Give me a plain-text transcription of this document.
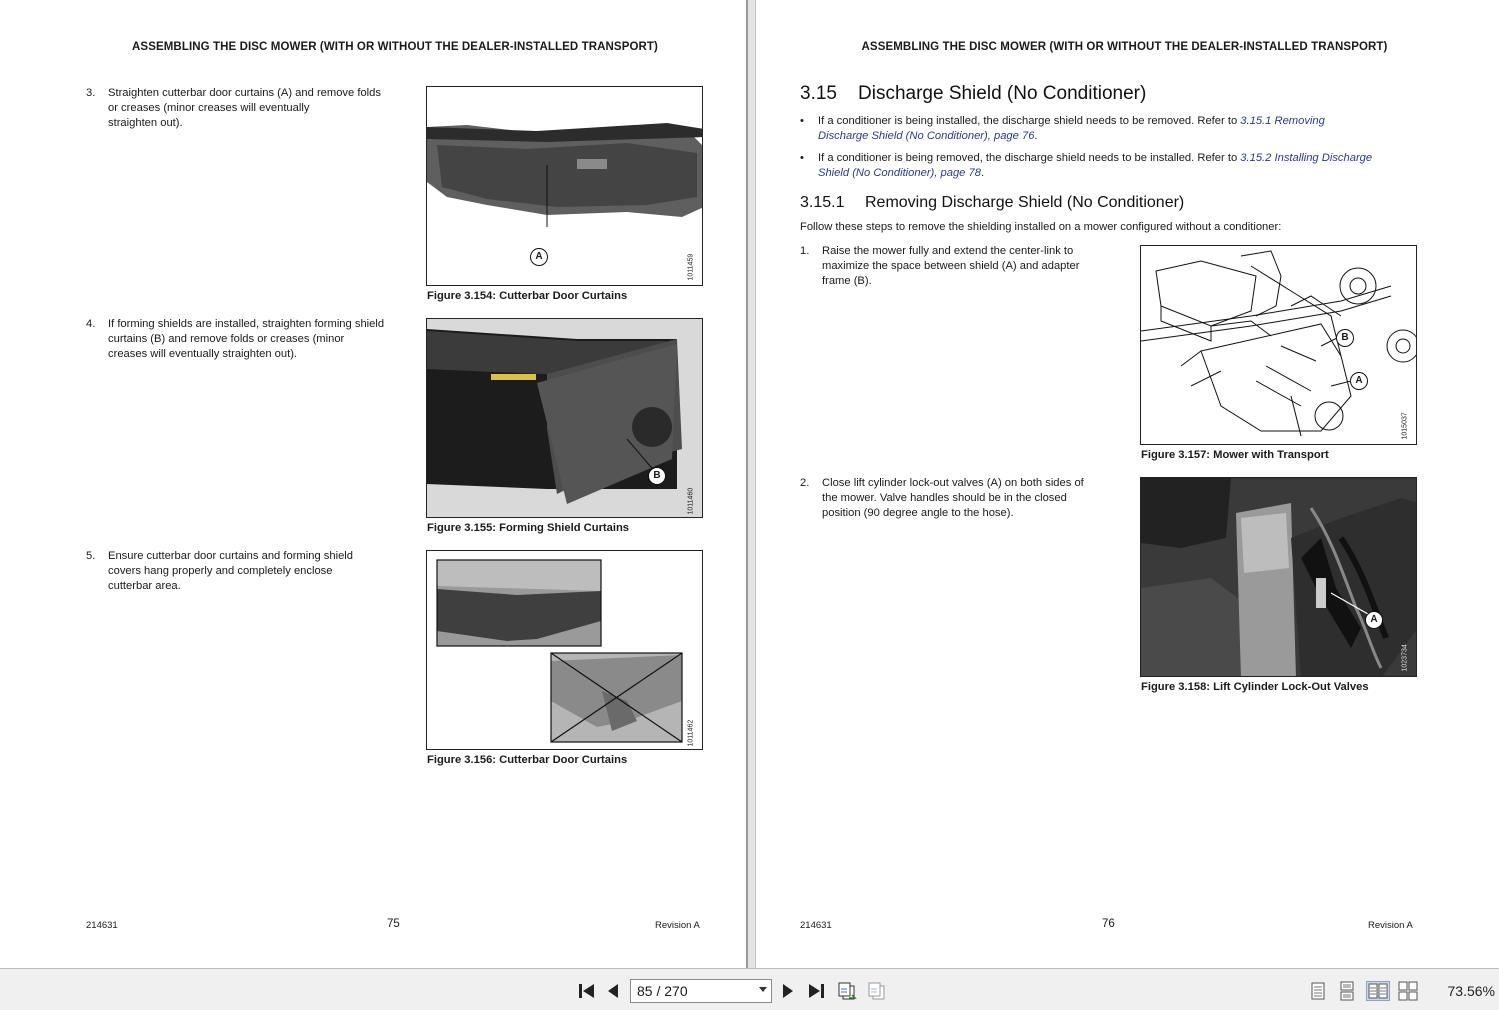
ASSEMBLING THE DISC MOWER (WITH OR WITHOUT THE DEALER-INSTALLED TRANSPORT)
3. Straighten cutterbar door curtains (A) and remove folds
or creases (minor creases will eventually
straighten out).
A	1011459
Figure 3.154: Cutterbar Door Curtains
4. If forming shields are installed, straighten forming shield
curtains (B) and remove folds or creases (minor
creases will eventually straighten out).
B
1011460
Figure 3.155: Forming Shield Curtains
5. Ensure cutterbar door curtains and forming shield
covers hang properly and completely enclose
cutterbar area.
1011462
Figure 3.156: Cutterbar Door Curtains
214631	75	Revision A
ASSEMBLING THE DISC MOWER (WITH OR WITHOUT THE DEALER-INSTALLED TRANSPORT)
3.15 Discharge Shield (No Conditioner)
• If a conditioner is being installed, the discharge shield needs to be removed. Refer to 3.15.1 Removing
Discharge Shield (No Conditioner), page 76.
• If a conditioner is being removed, the discharge shield needs to be installed. Refer to 3.15.2 Installing Discharge
Shield (No Conditioner), page 78.
3.15.1 Removing Discharge Shield (No Conditioner)
Follow these steps to remove the shielding installed on a mower configured without a conditioner:
1. Raise the mower fully and extend the center-link to
maximize the space between shield (A) and adapter
frame (B).
B
A
1015037
Figure 3.157: Mower with Transport
2. Close lift cylinder lock-out valves (A) on both sides of
the mower. Valve handles should be in the closed
position (90 degree angle to the hose).
A
1023734
Figure 3.158: Lift Cylinder Lock-Out Valves
214631	76	Revision A
85 / 270	73.56%
